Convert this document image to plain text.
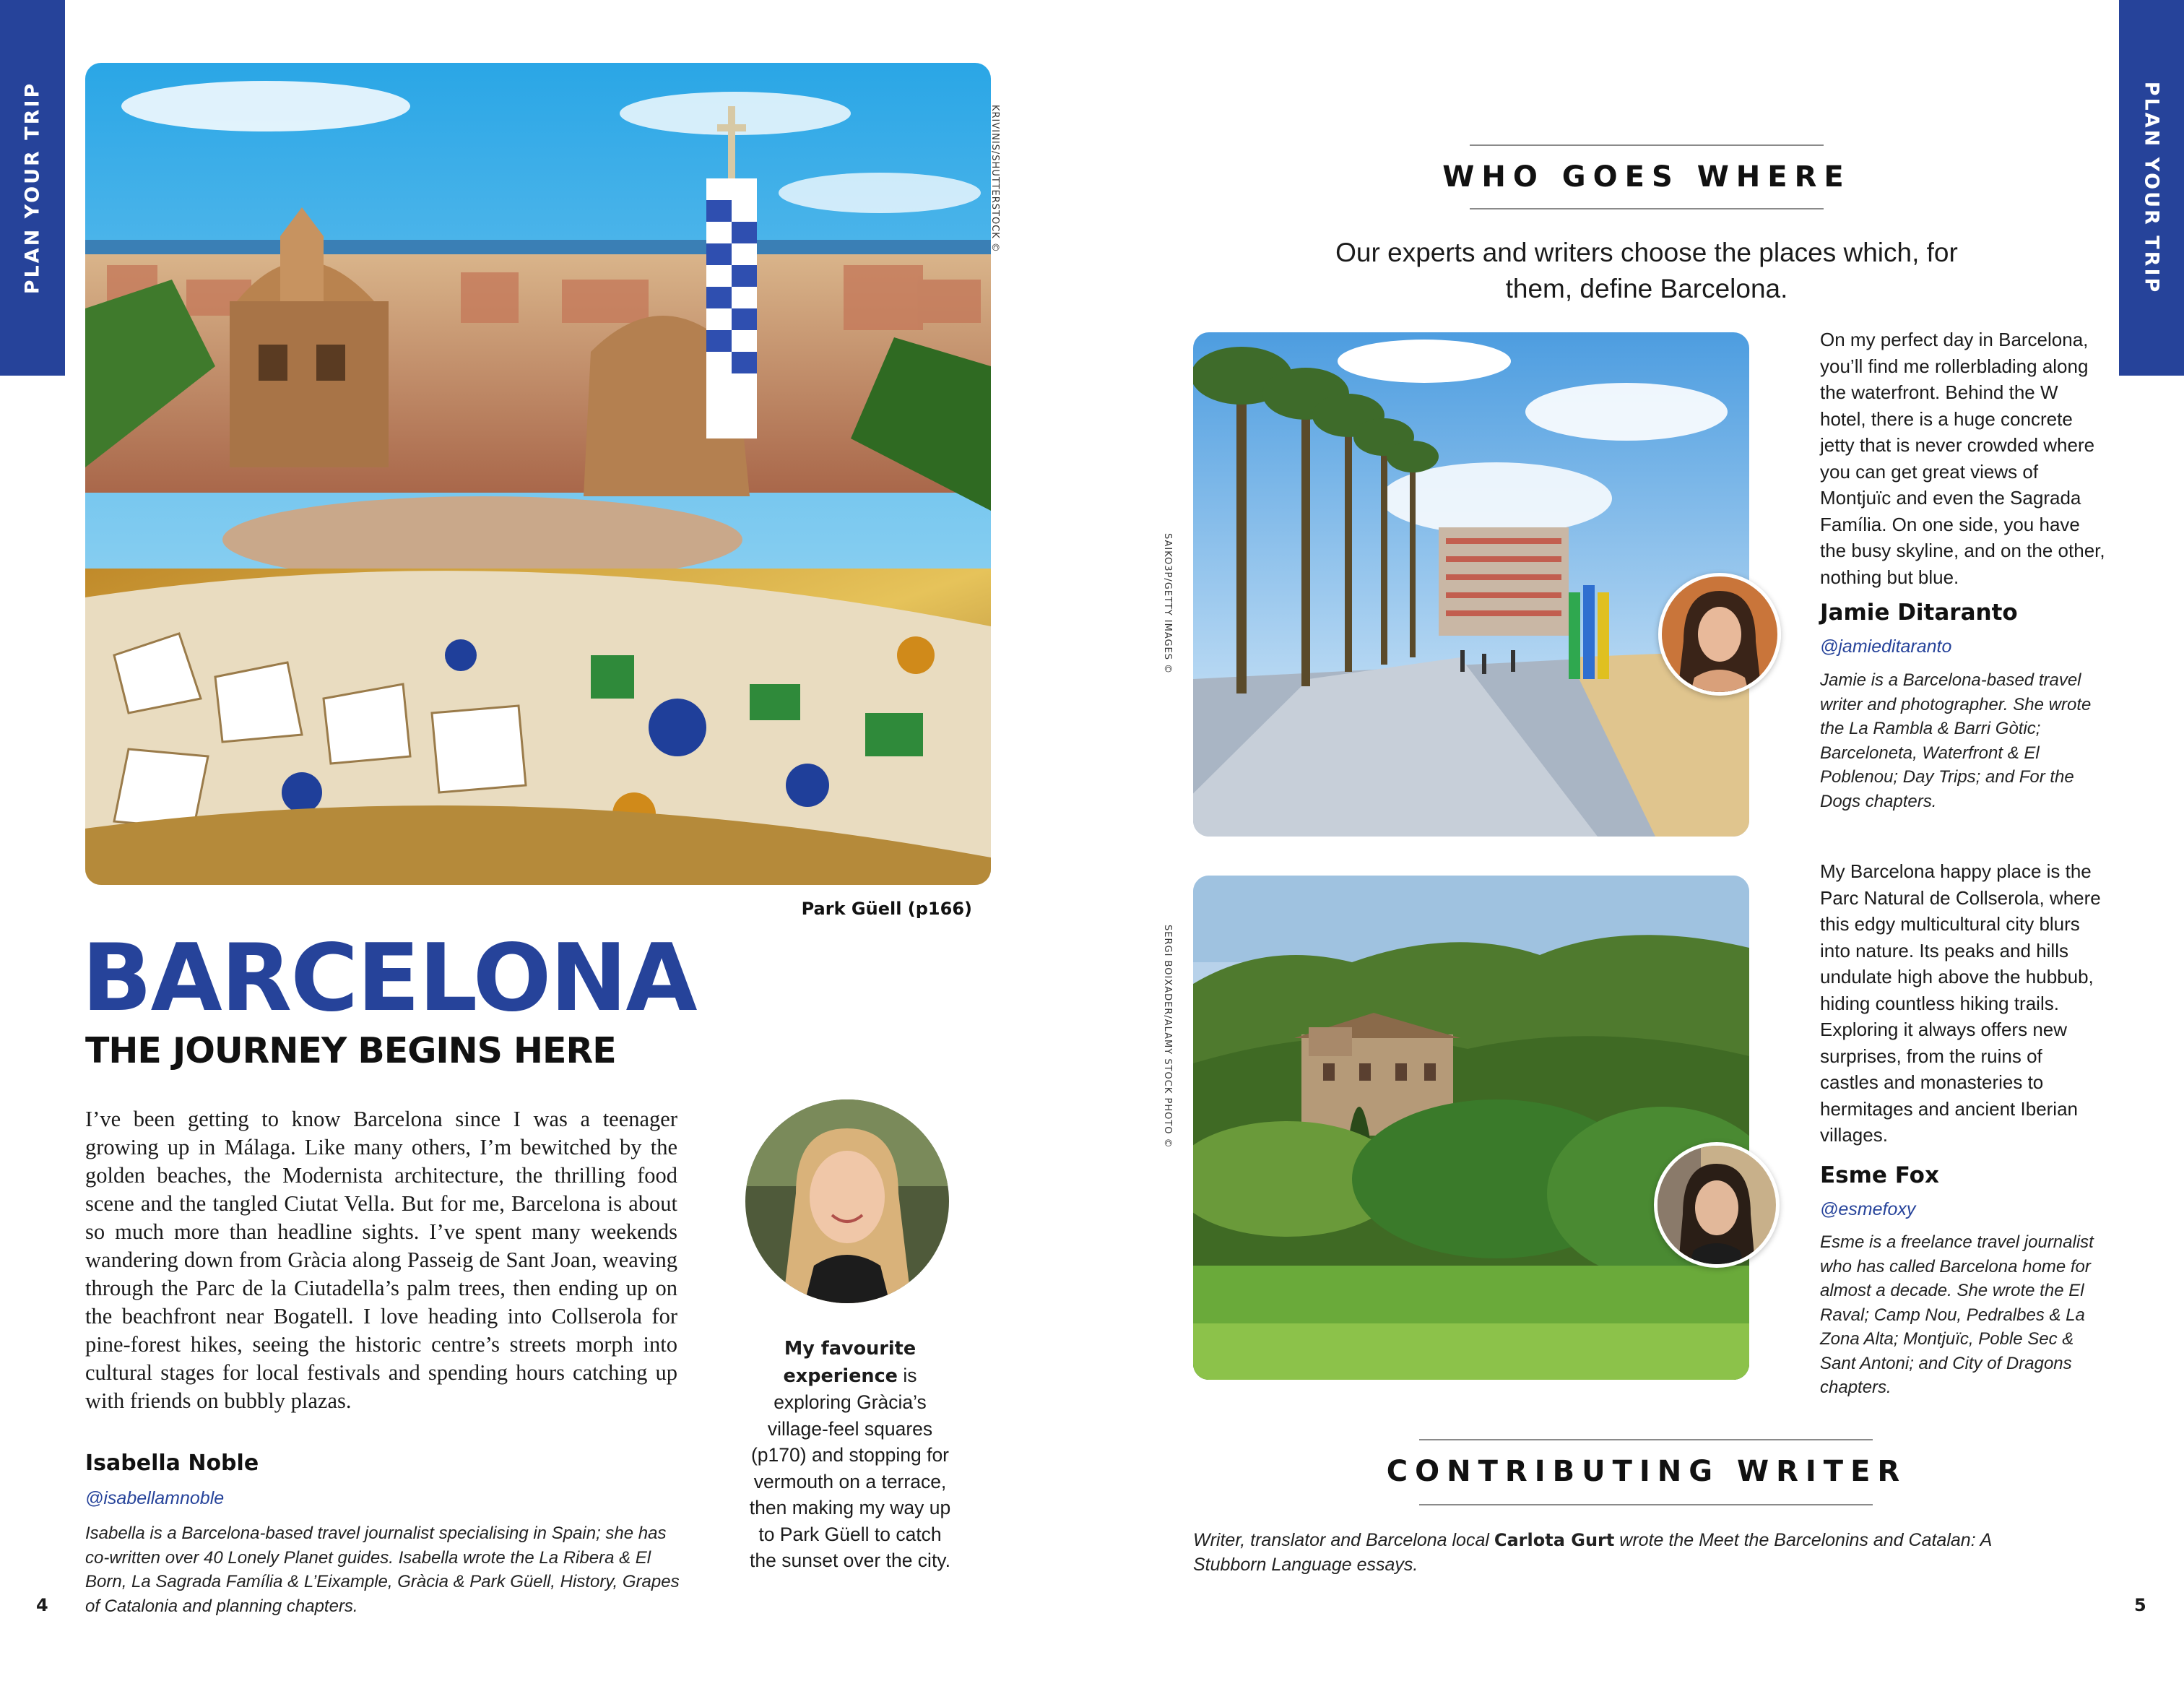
PLAN YOUR TRIP	PLAN YOUR TRIP
KRIVINIS/SHUTTERSTOCK ©
Park Güell (p166)
BARCELONA
THE JOURNEY BEGINS HERE
I’ve been getting to know Barcelona since I was a teenager growing up in Málaga. Like many others, I’m bewitched by the golden beaches, the Modernista architecture, the thrilling food scene and the tangled Ciutat Vella. But for me, Barcelona is about so much more than headline sights. I’ve spent many weekends wandering down from Gràcia along Passeig de Sant Joan, weaving through the Parc de la Ciutadella’s palm trees, then ending up on the beachfront near Bogatell. I love heading into Collserola for pine-forest hikes, seeing the historic centre’s streets morph into cultural stages for local festivals and spending hours catching up with friends on bubbly plazas.
Isabella Noble
@isabellamnoble
Isabella is a Barcelona-based travel journalist specialising in Spain; she has co-written over 40 Lonely Planet guides. Isabella wrote the La Ribera & El Born, La Sagrada Família & L’Eixample, Gràcia & Park Güell, History, Grapes of Catalonia and planning chapters.
My favourite experience is exploring Gràcia’s village-feel squares (p170) and stopping for vermouth on a terrace, then making my way up to Park Güell to catch the sunset over the city.
4
WHO GOES WHERE
Our experts and writers choose the places which, for them, define Barcelona.
SAIKO3P/GETTY IMAGES ©
On my perfect day in Barcelona, you’ll find me rollerblading along the waterfront. Behind the W hotel, there is a huge concrete jetty that is never crowded where you can get great views of Montjuïc and even the Sagrada Família. On one side, you have the busy skyline, and on the other, nothing but blue.
Jamie Ditaranto
@jamieditaranto
Jamie is a Barcelona-based travel writer and photographer. She wrote the La Rambla & Barri Gòtic; Barceloneta, Waterfront & El Poblenou; Day Trips; and For the Dogs chapters.
SERGI BOIXADER/ALAMY STOCK PHOTO ©
My Barcelona happy place is the Parc Natural de Collserola, where this edgy multicultural city blurs into nature. Its peaks and hills undulate high above the hubbub, hiding countless hiking trails. Exploring it always offers new surprises, from the ruins of castles and monasteries to hermitages and ancient Iberian villages.
Esme Fox
@esmefoxy
Esme is a freelance travel journalist who has called Barcelona home for almost a decade. She wrote the El Raval; Camp Nou, Pedralbes & La Zona Alta; Montjuïc, Poble Sec & Sant Antoni; and City of Dragons chapters.
CONTRIBUTING WRITER
Writer, translator and Barcelona local Carlota Gurt wrote the Meet the Barcelonins and Catalan: A Stubborn Language essays.
5
